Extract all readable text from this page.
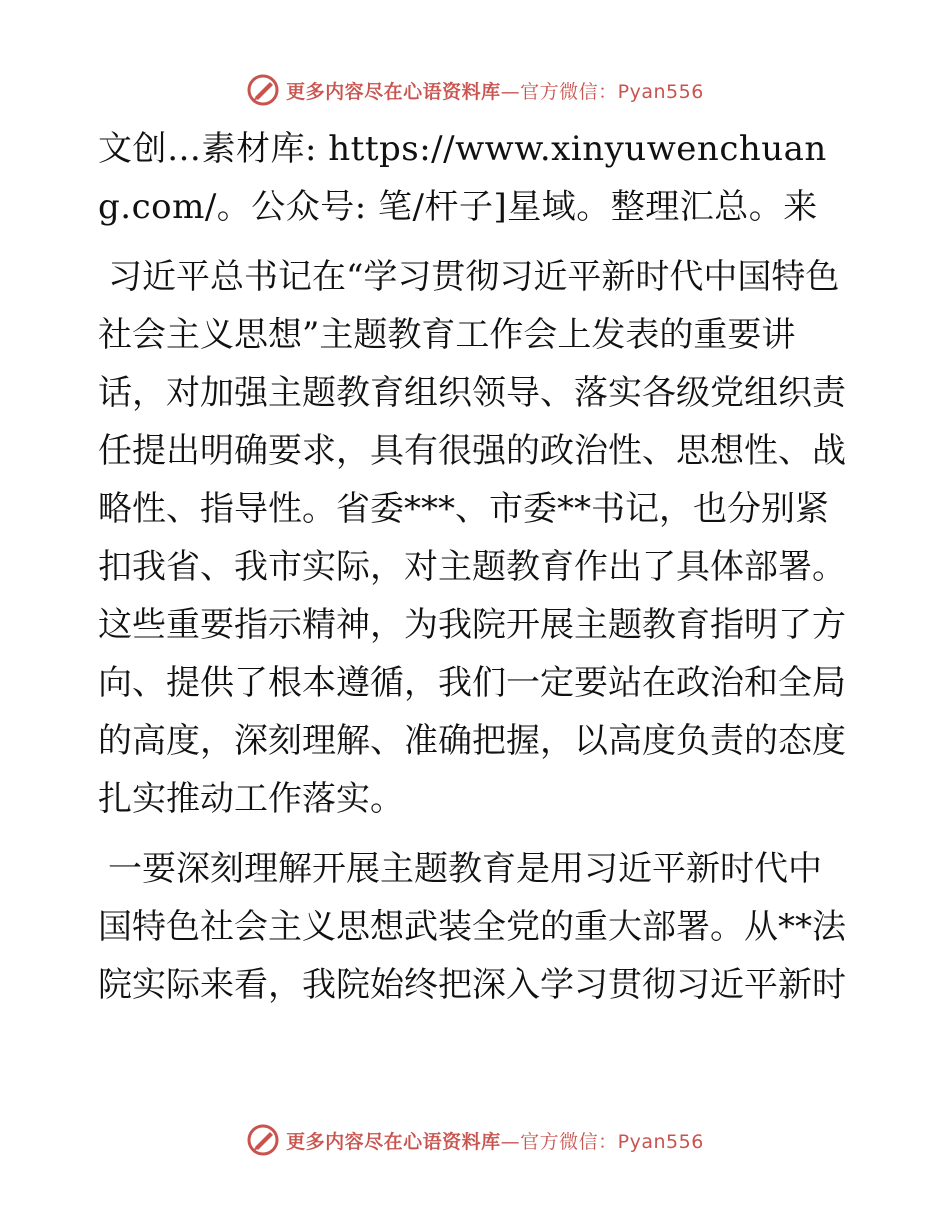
更多内容尽在心语资料库—官方微信：Pyan556

文创…素材库: https://www.xinyuwenchuang.com/。公众号: 笔/杆子]星域。整理汇总。来

习近平总书记在“学习贯彻习近平新时代中国特色社会主义思想”主题教育工作会上发表的重要讲话，对加强主题教育组织领导、落实各级党组织责任提出明确要求，具有很强的政治性、思想性、战略性、指导性。省委***、市委**书记，也分别紧扣我省、我市实际，对主题教育作出了具体部署。这些重要指示精神，为我院开展主题教育指明了方向、提供了根本遵循，我们一定要站在政治和全局的高度，深刻理解、准确把握，以高度负责的态度扎实推动工作落实。

一要深刻理解开展主题教育是用习近平新时代中国特色社会主义思想武装全党的重大部署。从**法院实际来看，我院始终把深入学习贯彻习近平新时

更多内容尽在心语资料库—官方微信：Pyan556
